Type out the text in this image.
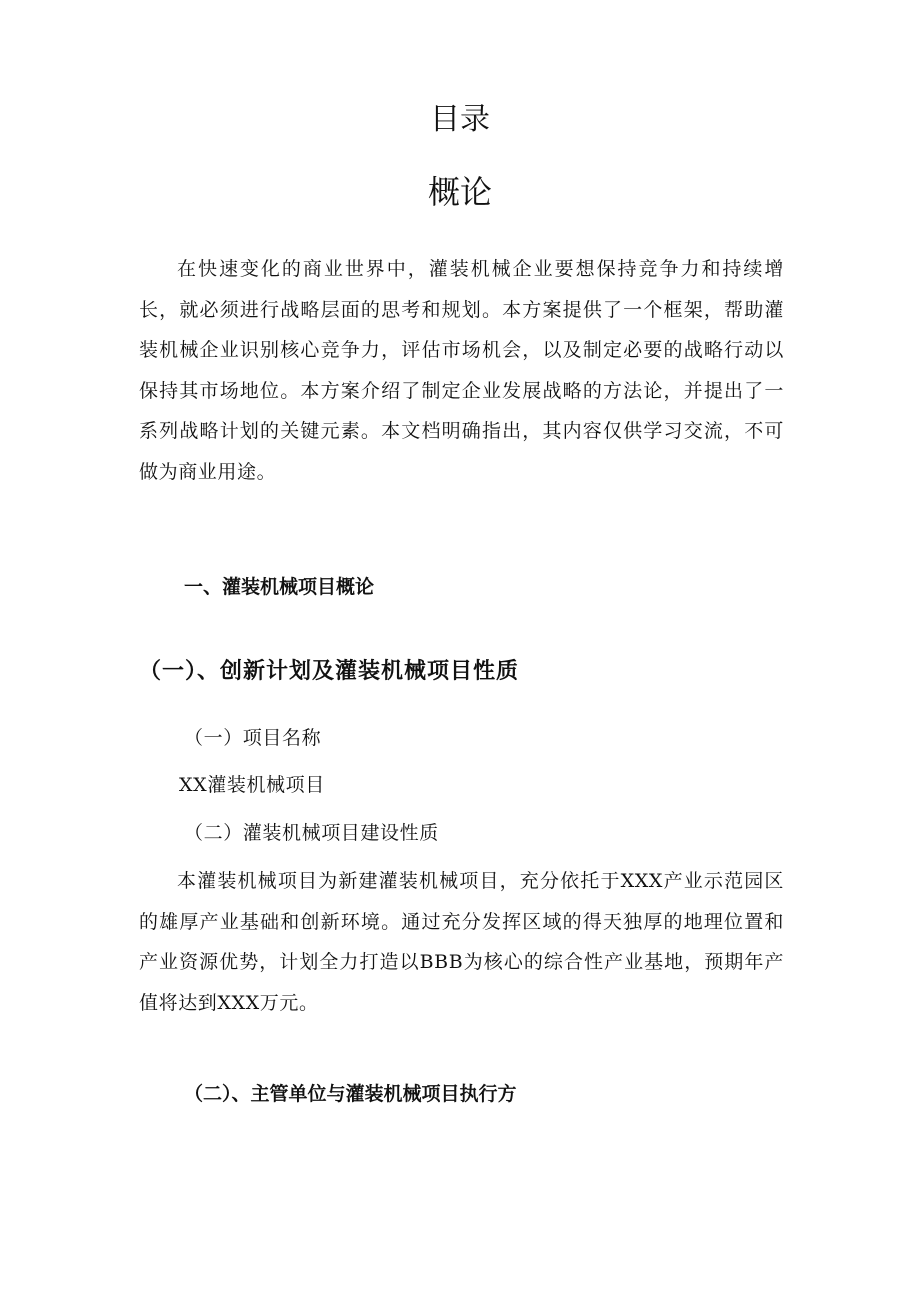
目录
概论

在快速变化的商业世界中，灌装机械企业要想保持竞争力和持续增长，就必须进行战略层面的思考和规划。本方案提供了一个框架，帮助灌装机械企业识别核心竞争力，评估市场机会，以及制定必要的战略行动以保持其市场地位。本方案介绍了制定企业发展战略的方法论，并提出了一系列战略计划的关键元素。本文档明确指出，其内容仅供学习交流，不可做为商业用途。

一、灌装机械项目概论
（一）、创新计划及灌装机械项目性质

（一）项目名称

XX灌装机械项目

（二）灌装机械项目建设性质

本灌装机械项目为新建灌装机械项目，充分依托于XXX产业示范园区的雄厚产业基础和创新环境。通过充分发挥区域的得天独厚的地理位置和产业资源优势，计划全力打造以BBB为核心的综合性产业基地，预期年产值将达到XXX万元。

（二）、主管单位与灌装机械项目执行方
